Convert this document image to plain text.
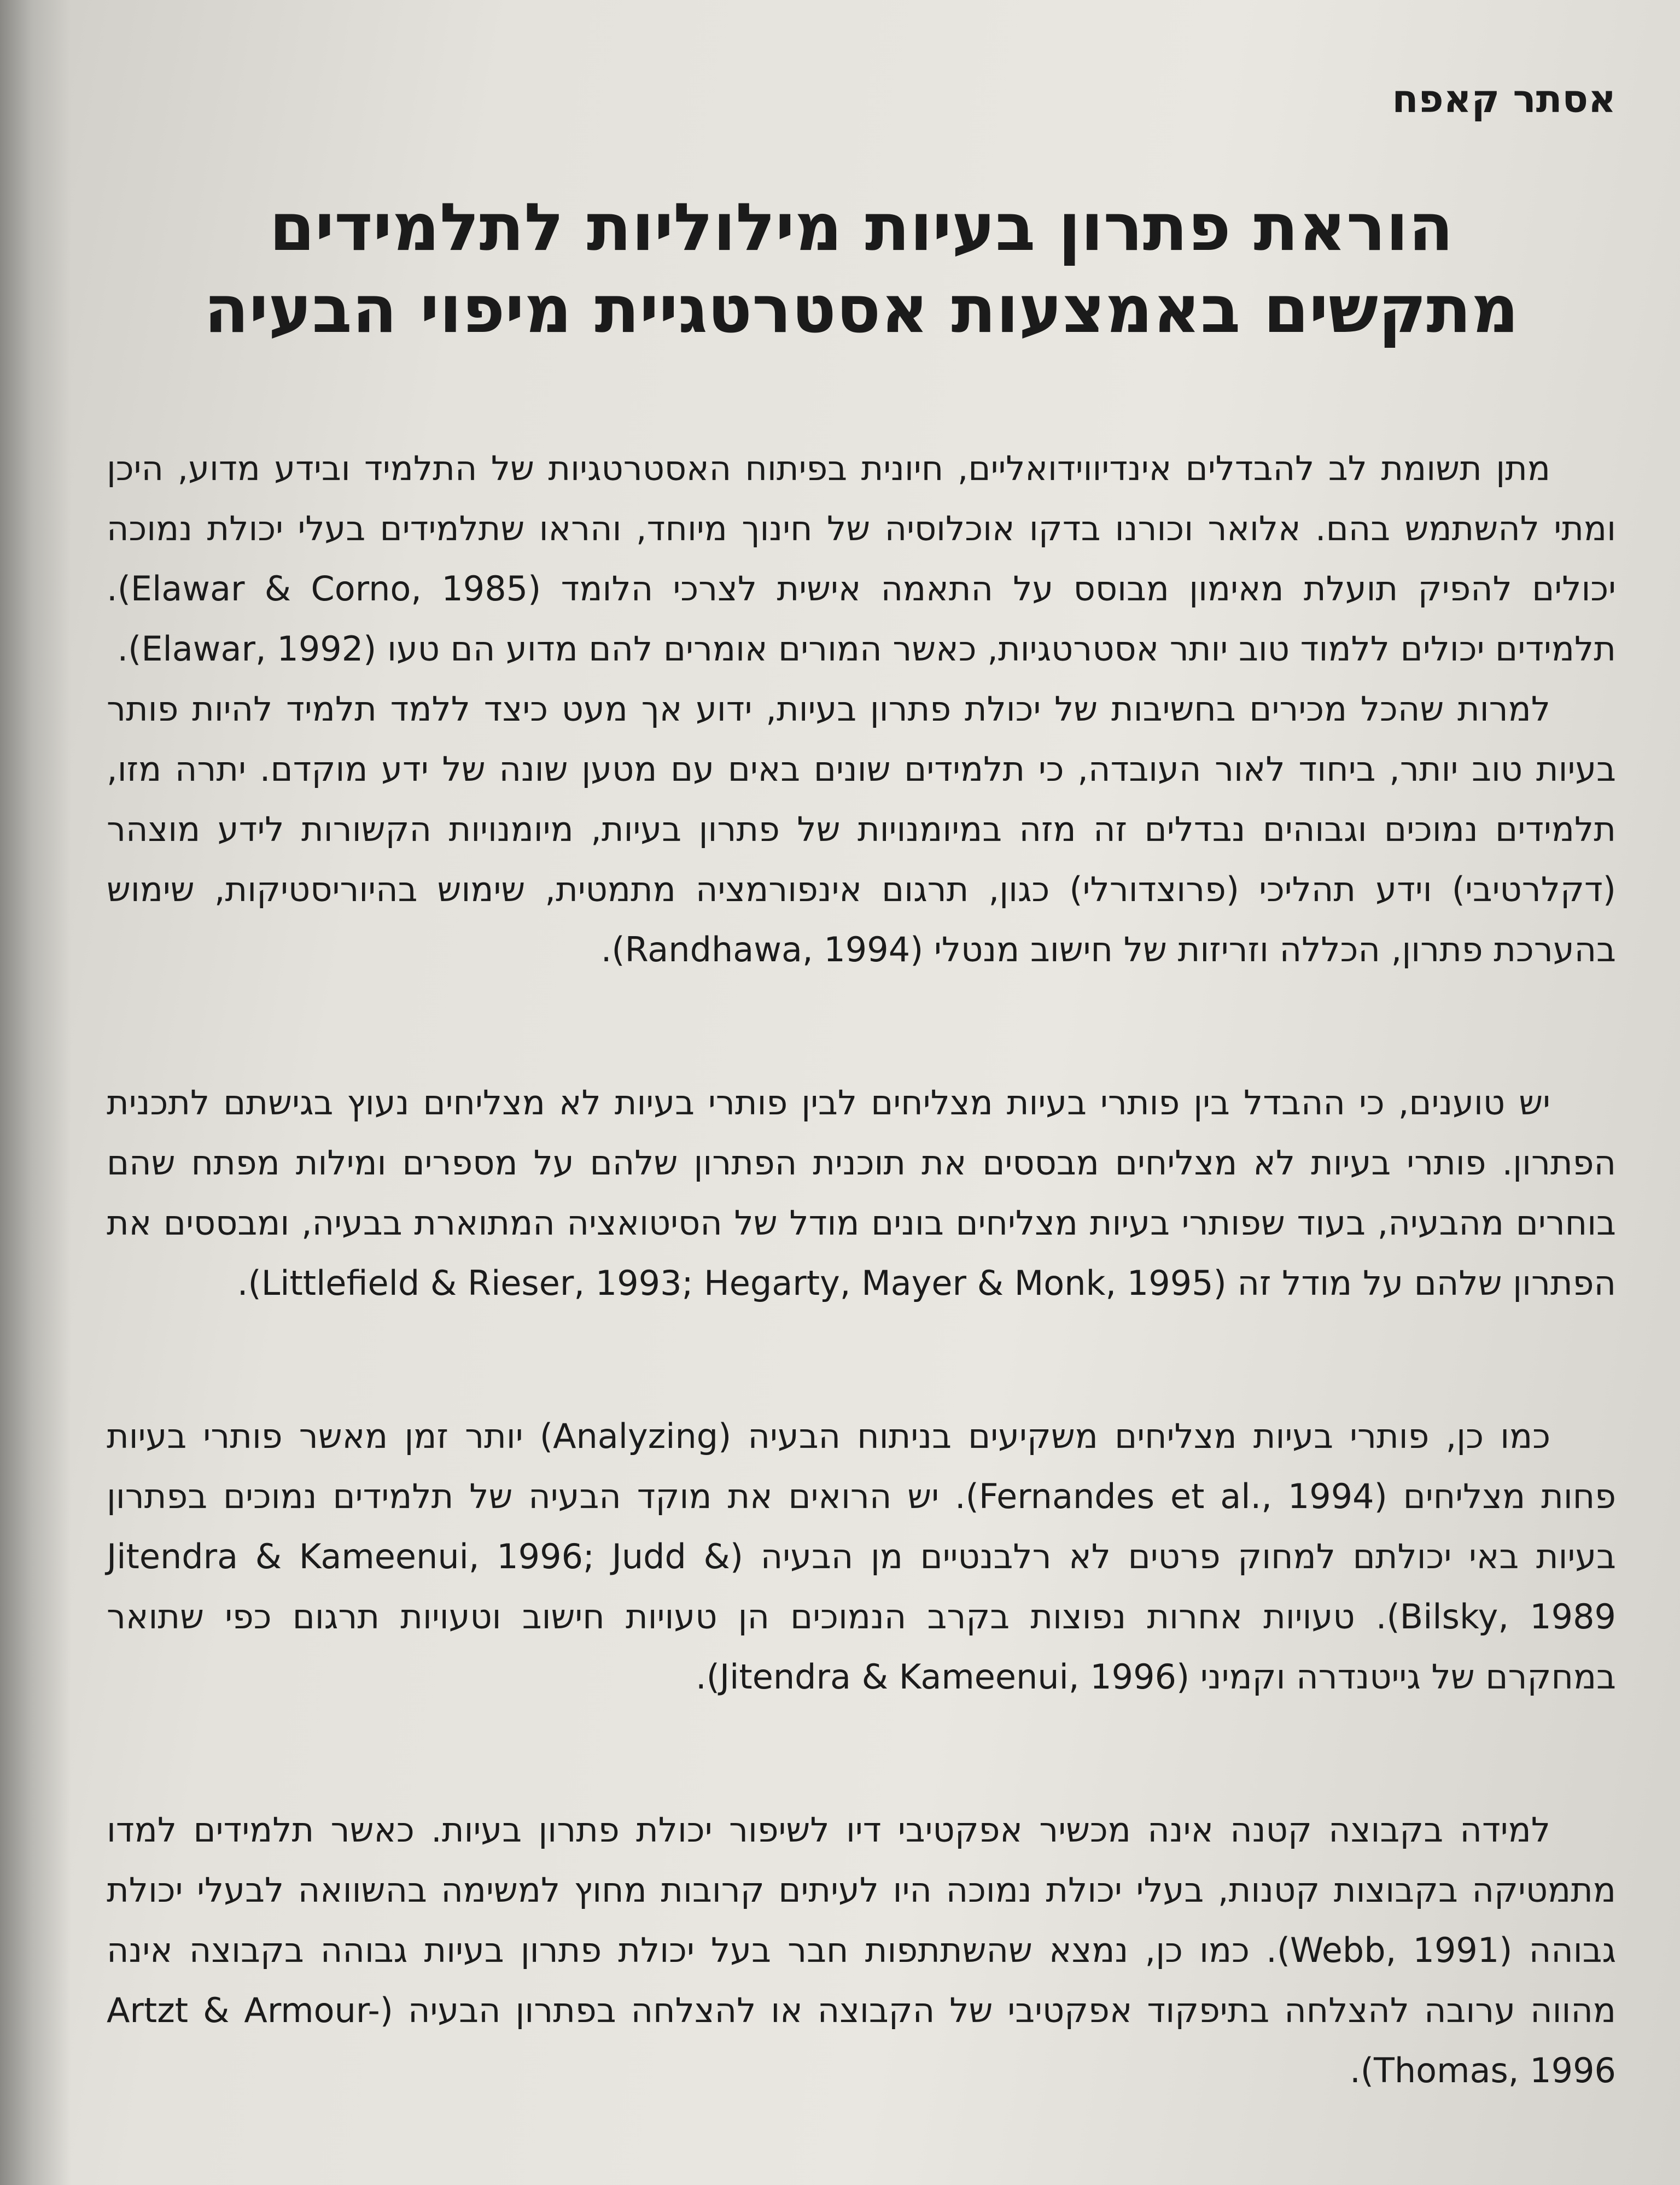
אסתר קאפח
הוראת פתרון בעיות מילוליות לתלמידים
מתקשים באמצעות אסטרטגיית מיפוי הבעיה

מתן תשומת לב להבדלים אינדיווידואליים, חיונית בפיתוח האסטרטגיות של התלמיד ובידע מדוע, היכן ומתי להשתמש בהם. אלואר וכורנו בדקו אוכלוסיה של חינוך מיוחד, והראו שתלמידים בעלי יכולת נמוכה יכולים להפיק תועלת מאימון מבוסס על התאמה אישית לצרכי הלומד (Elawar & Corno, 1985). תלמידים יכולים ללמוד טוב יותר אסטרטגיות, כאשר המורים אומרים להם מדוע הם טעו (Elawar, 1992).

למרות שהכל מכירים בחשיבות של יכולת פתרון בעיות, ידוע אך מעט כיצד ללמד תלמיד להיות פותר בעיות טוב יותר, ביחוד לאור העובדה, כי תלמידים שונים באים עם מטען שונה של ידע מוקדם. יתרה מזו, תלמידים נמוכים וגבוהים נבדלים זה מזה במיומנויות של פתרון בעיות, מיומנויות הקשורות לידע מוצהר (דקלרטיבי) וידע תהליכי (פרוצדורלי) כגון, תרגום אינפורמציה מתמטית, שימוש בהיוריסטיקות, שימוש בהערכת פתרון, הכללה וזריזות של חישוב מנטלי (Randhawa, 1994).

יש טוענים, כי ההבדל בין פותרי בעיות מצליחים לבין פותרי בעיות לא מצליחים נעוץ בגישתם לתכנית הפתרון. פותרי בעיות לא מצליחים מבססים את תוכנית הפתרון שלהם על מספרים ומילות מפתח שהם בוחרים מהבעיה, בעוד שפותרי בעיות מצליחים בונים מודל של הסיטואציה המתוארת בבעיה, ומבססים את הפתרון שלהם על מודל זה (Littlefield & Rieser, 1993; Hegarty, Mayer & Monk, 1995).

כמו כן, פותרי בעיות מצליחים משקיעים בניתוח הבעיה (Analyzing) יותר זמן מאשר פותרי בעיות פחות מצליחים (Fernandes et al., 1994). יש הרואים את מוקד הבעיה של תלמידים נמוכים בפתרון בעיות באי יכולתם למחוק פרטים לא רלבנטיים מן הבעיה (Jitendra & Kameenui, 1996; Judd & Bilsky, 1989). טעויות אחרות נפוצות בקרב הנמוכים הן טעויות חישוב וטעויות תרגום כפי שתואר במחקרם של גייטנדרה וקמיני (Jitendra & Kameenui, 1996).

למידה בקבוצה קטנה אינה מכשיר אפקטיבי דיו לשיפור יכולת פתרון בעיות. כאשר תלמידים למדו מתמטיקה בקבוצות קטנות, בעלי יכולת נמוכה היו לעיתים קרובות מחוץ למשימה בהשוואה לבעלי יכולת גבוהה (Webb, 1991). כמו כן, נמצא שהשתתפות חבר בעל יכולת פתרון בעיות גבוהה בקבוצה אינה מהווה ערובה להצלחה בתיפקוד אפקטיבי של הקבוצה או להצלחה בפתרון הבעיה (Artzt & Armour-Thomas, 1996).
